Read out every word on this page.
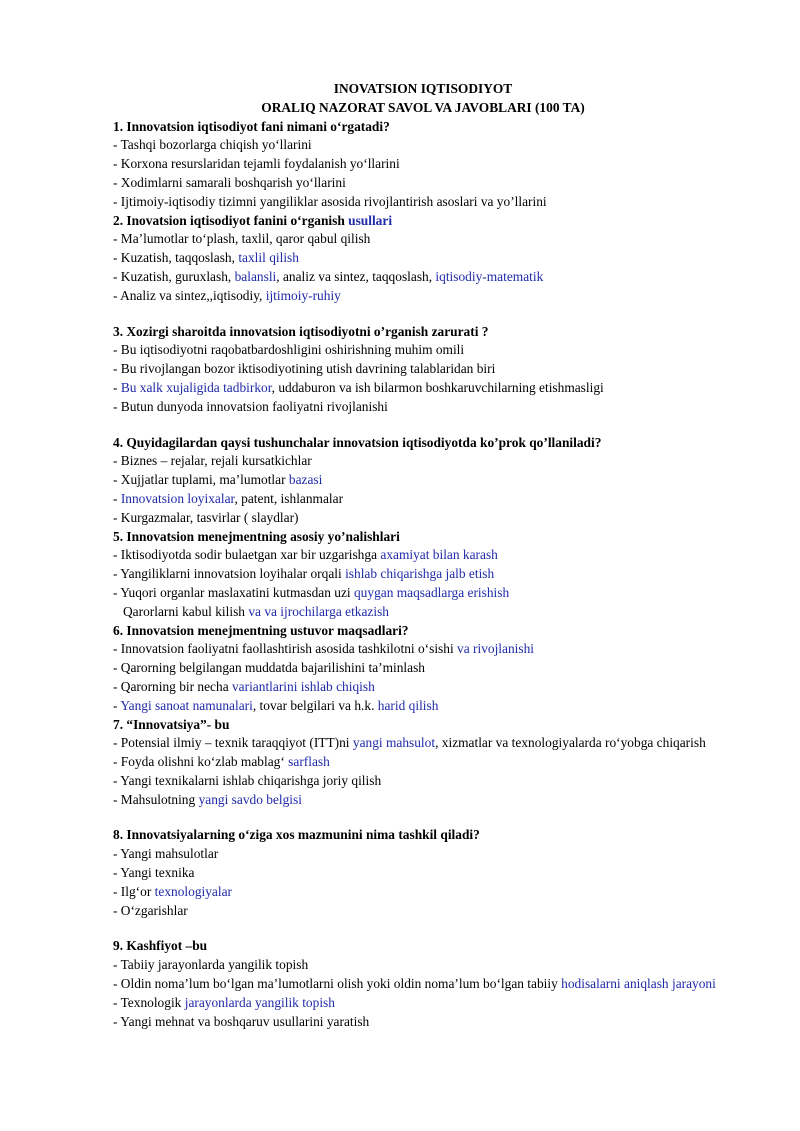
INOVATSION IQTISODIYOT

ORALIQ NAZORAT SAVOL VA JAVOBLARI (100 TA)

1. Innovatsion iqtisodiyot fani nimani o‘rgatadi?

- Tashqi bozorlarga chiqish yo‘llarini

- Korxona resurslaridan tejamli foydalanish yo‘llarini

- Xodimlarni samarali boshqarish yo‘llarini

- Ijtimoiy-iqtisodiy tizimni yangiliklar asosida rivojlantirish asoslari va yo’llarini

2. Inovatsion iqtisodiyot fanini o‘rganish usullari

- Ma’lumotlar to‘plash, taxlil, qaror qabul qilish

- Kuzatish, taqqoslash, taxlil qilish

- Kuzatish, guruxlash, balansli, analiz va sintez, taqqoslash, iqtisodiy-matematik

- Analiz va sintez,,iqtisodiy, ijtimoiy-ruhiy

3. Xozirgi sharoitda innovatsion iqtisodiyotni o’rganish zarurati ?

- Bu iqtisodiyotni raqobatbardoshligini oshirishning muhim omili

- Bu rivojlangan bozor iktisodiyotining utish davrining talablaridan biri

- Bu xalk xujaligida tadbirkor, uddaburon va ish bilarmon boshkaruvchilarning etishmasligi

- Butun dunyoda innovatsion faoliyatni rivojlanishi

4. Quyidagilardan qaysi tushunchalar innovatsion iqtisodiyotda ko’prok qo’llaniladi?

- Biznes – rejalar, rejali kursatkichlar

- Xujjatlar tuplami, ma’lumotlar bazasi

- Innovatsion loyixalar, patent, ishlanmalar

- Kurgazmalar, tasvirlar ( slaydlar)

5. Innovatsion menejmentning asosiy yo’nalishlari

- Iktisodiyotda sodir bulaetgan xar bir uzgarishga axamiyat bilan karash

- Yangiliklarni innovatsion loyihalar orqali ishlab chiqarishga jalb etish

- Yuqori organlar maslaxatini kutmasdan uzi quygan maqsadlarga erishish

Qarorlarni kabul kilish va va ijrochilarga etkazish

6. Innovatsion menejmentning ustuvor maqsadlari?

- Innovatsion faoliyatni faollashtirish asosida tashkilotni o‘sishi va rivojlanishi

- Qarorning belgilangan muddatda bajarilishini ta’minlash

- Qarorning bir necha variantlarini ishlab chiqish

- Yangi sanoat namunalari, tovar belgilari va h.k. harid qilish

7. “Innovatsiya”- bu

- Potensial ilmiy – texnik taraqqiyot (ITT)ni yangi mahsulot, xizmatlar va texnologiyalarda ro‘yobga chiqarish

- Foyda olishni ko‘zlab mablag‘ sarflash

- Yangi texnikalarni ishlab chiqarishga joriy qilish

- Mahsulotning yangi savdo belgisi

8. Innovatsiyalarning o‘ziga xos mazmunini nima tashkil qiladi?

- Yangi mahsulotlar

- Yangi texnika

- Ilg‘or texnologiyalar

- O‘zgarishlar

9. Kashfiyot –bu

- Tabiiy jarayonlarda yangilik topish

- Oldin noma’lum bo‘lgan ma’lumotlarni olish yoki oldin noma’lum bo‘lgan tabiiy hodisalarni aniqlash jarayoni

- Texnologik jarayonlarda yangilik topish

- Yangi mehnat va boshqaruv usullarini yaratish
